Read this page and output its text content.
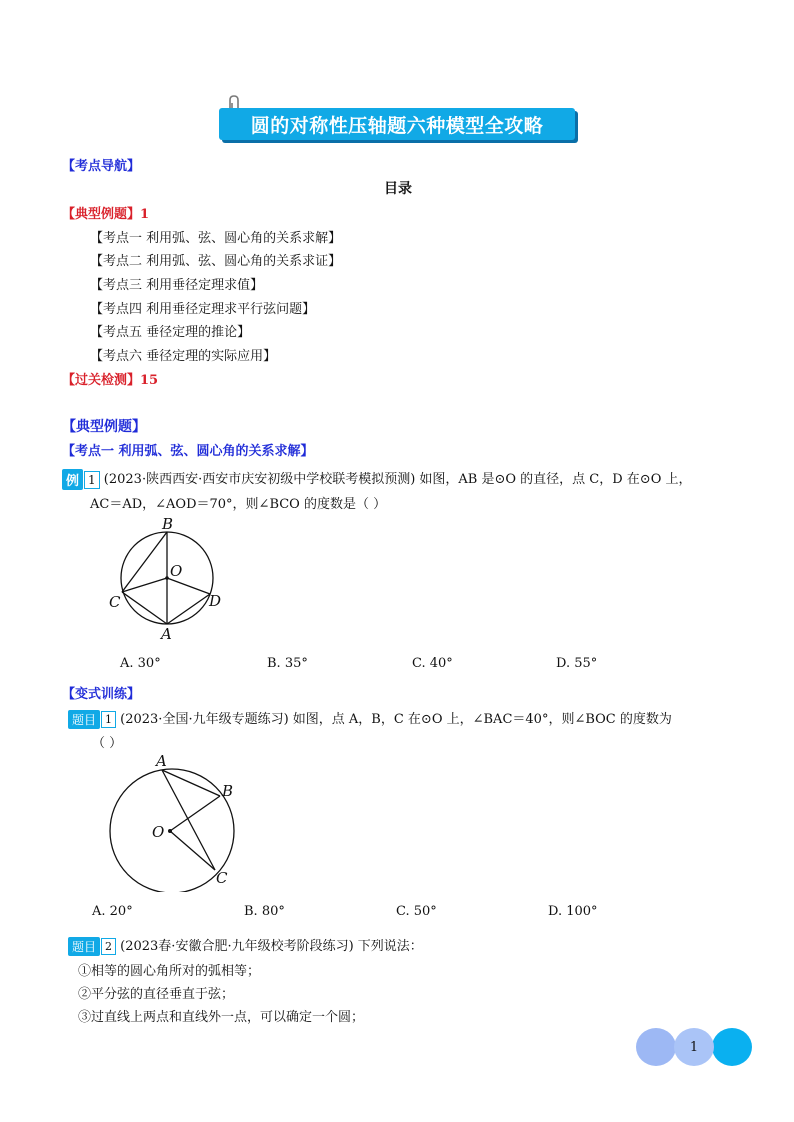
圆的对称性压轴题六种模型全攻略
【考点导航】
目录
【典型例题】1
【考点一 利用弧、弦、圆心角的关系求解】
【考点二 利用弧、弦、圆心角的关系求证】
【考点三 利用垂径定理求值】
【考点四 利用垂径定理求平行弦问题】
【考点五 垂径定理的推论】
【考点六 垂径定理的实际应用】
【过关检测】15
【典型例题】
【考点一 利用弧、弦、圆心角的关系求解】
例 1 (2023·陕西西安·西安市庆安初级中学校联考模拟预测) 如图，AB 是⊙O 的直径，点 C，D 在⊙O 上，
AC＝AD，∠AOD＝70°，则∠BCO 的度数是（ ）
B
O
C	D
A
A. 30°	B. 35°	C. 40°	D. 55°
【变式训练】
题目 1 (2023·全国·九年级专题练习) 如图，点 A，B，C 在⊙O 上，∠BAC＝40°，则∠BOC 的度数为
（ ）
A
B
O
C
A. 20°	B. 80°	C. 50°	D. 100°
题目 2 (2023春·安徽合肥·九年级校考阶段练习) 下列说法：
①相等的圆心角所对的弧相等；
②平分弦的直径垂直于弦；
③过直线上两点和直线外一点，可以确定一个圆；
1
